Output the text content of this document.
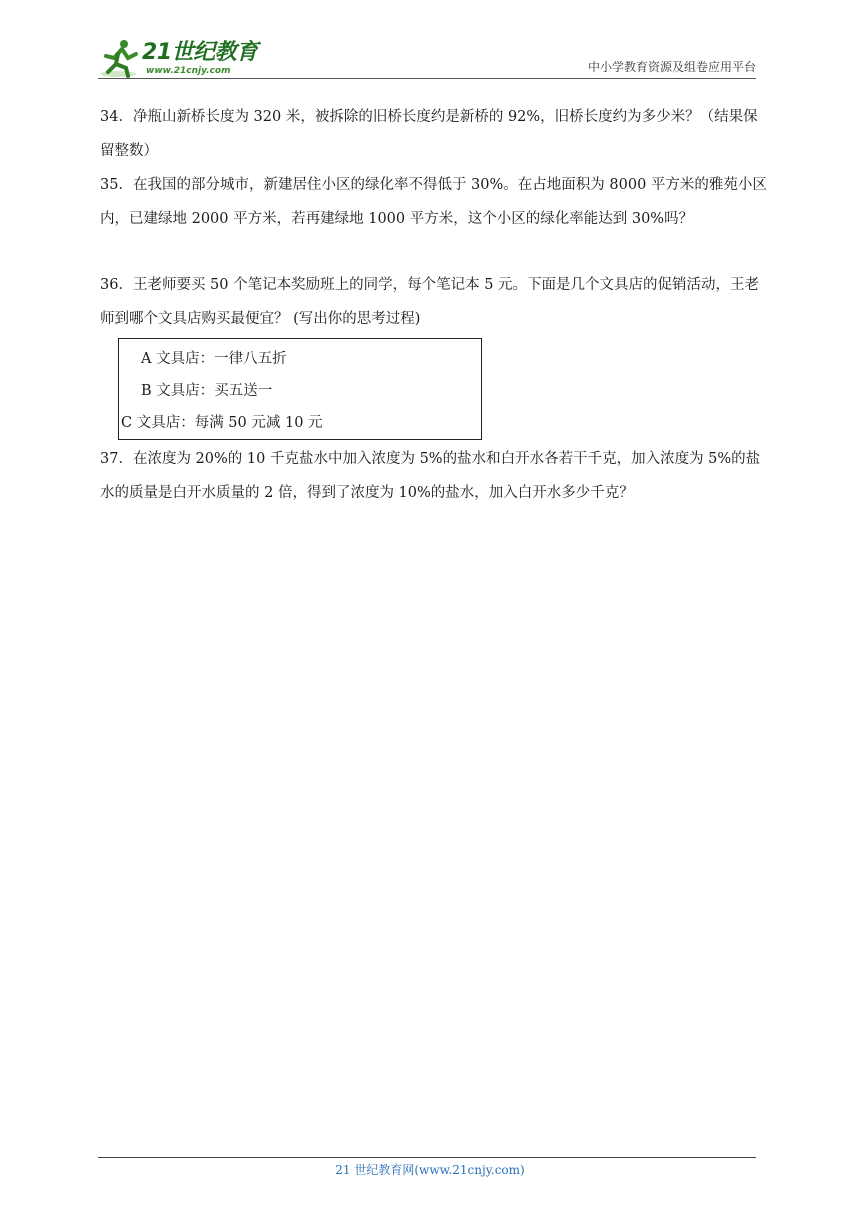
21世纪教育
www.21cnjy.com	中小学教育资源及组卷应用平台

34．净瓶山新桥长度为 320 米，被拆除的旧桥长度约是新桥的 92%，旧桥长度约为多少米？（结果保留整数）

35．在我国的部分城市，新建居住小区的绿化率不得低于 30%。在占地面积为 8000 平方米的雅苑小区内，已建绿地 2000 平方米，若再建绿地 1000 平方米，这个小区的绿化率能达到 30%吗？

36．王老师要买 50 个笔记本奖励班上的同学，每个笔记本 5 元。下面是几个文具店的促销活动，王老师到哪个文具店购买最便宜？ (写出你的思考过程)

A 文具店：一律八五折

B 文具店：买五送一

C 文具店：每满 50 元减 10 元

37．在浓度为 20%的 10 千克盐水中加入浓度为 5%的盐水和白开水各若干千克，加入浓度为 5%的盐水的质量是白开水质量的 2 倍，得到了浓度为 10%的盐水，加入白开水多少千克？

21 世纪教育网(www.21cnjy.com)
